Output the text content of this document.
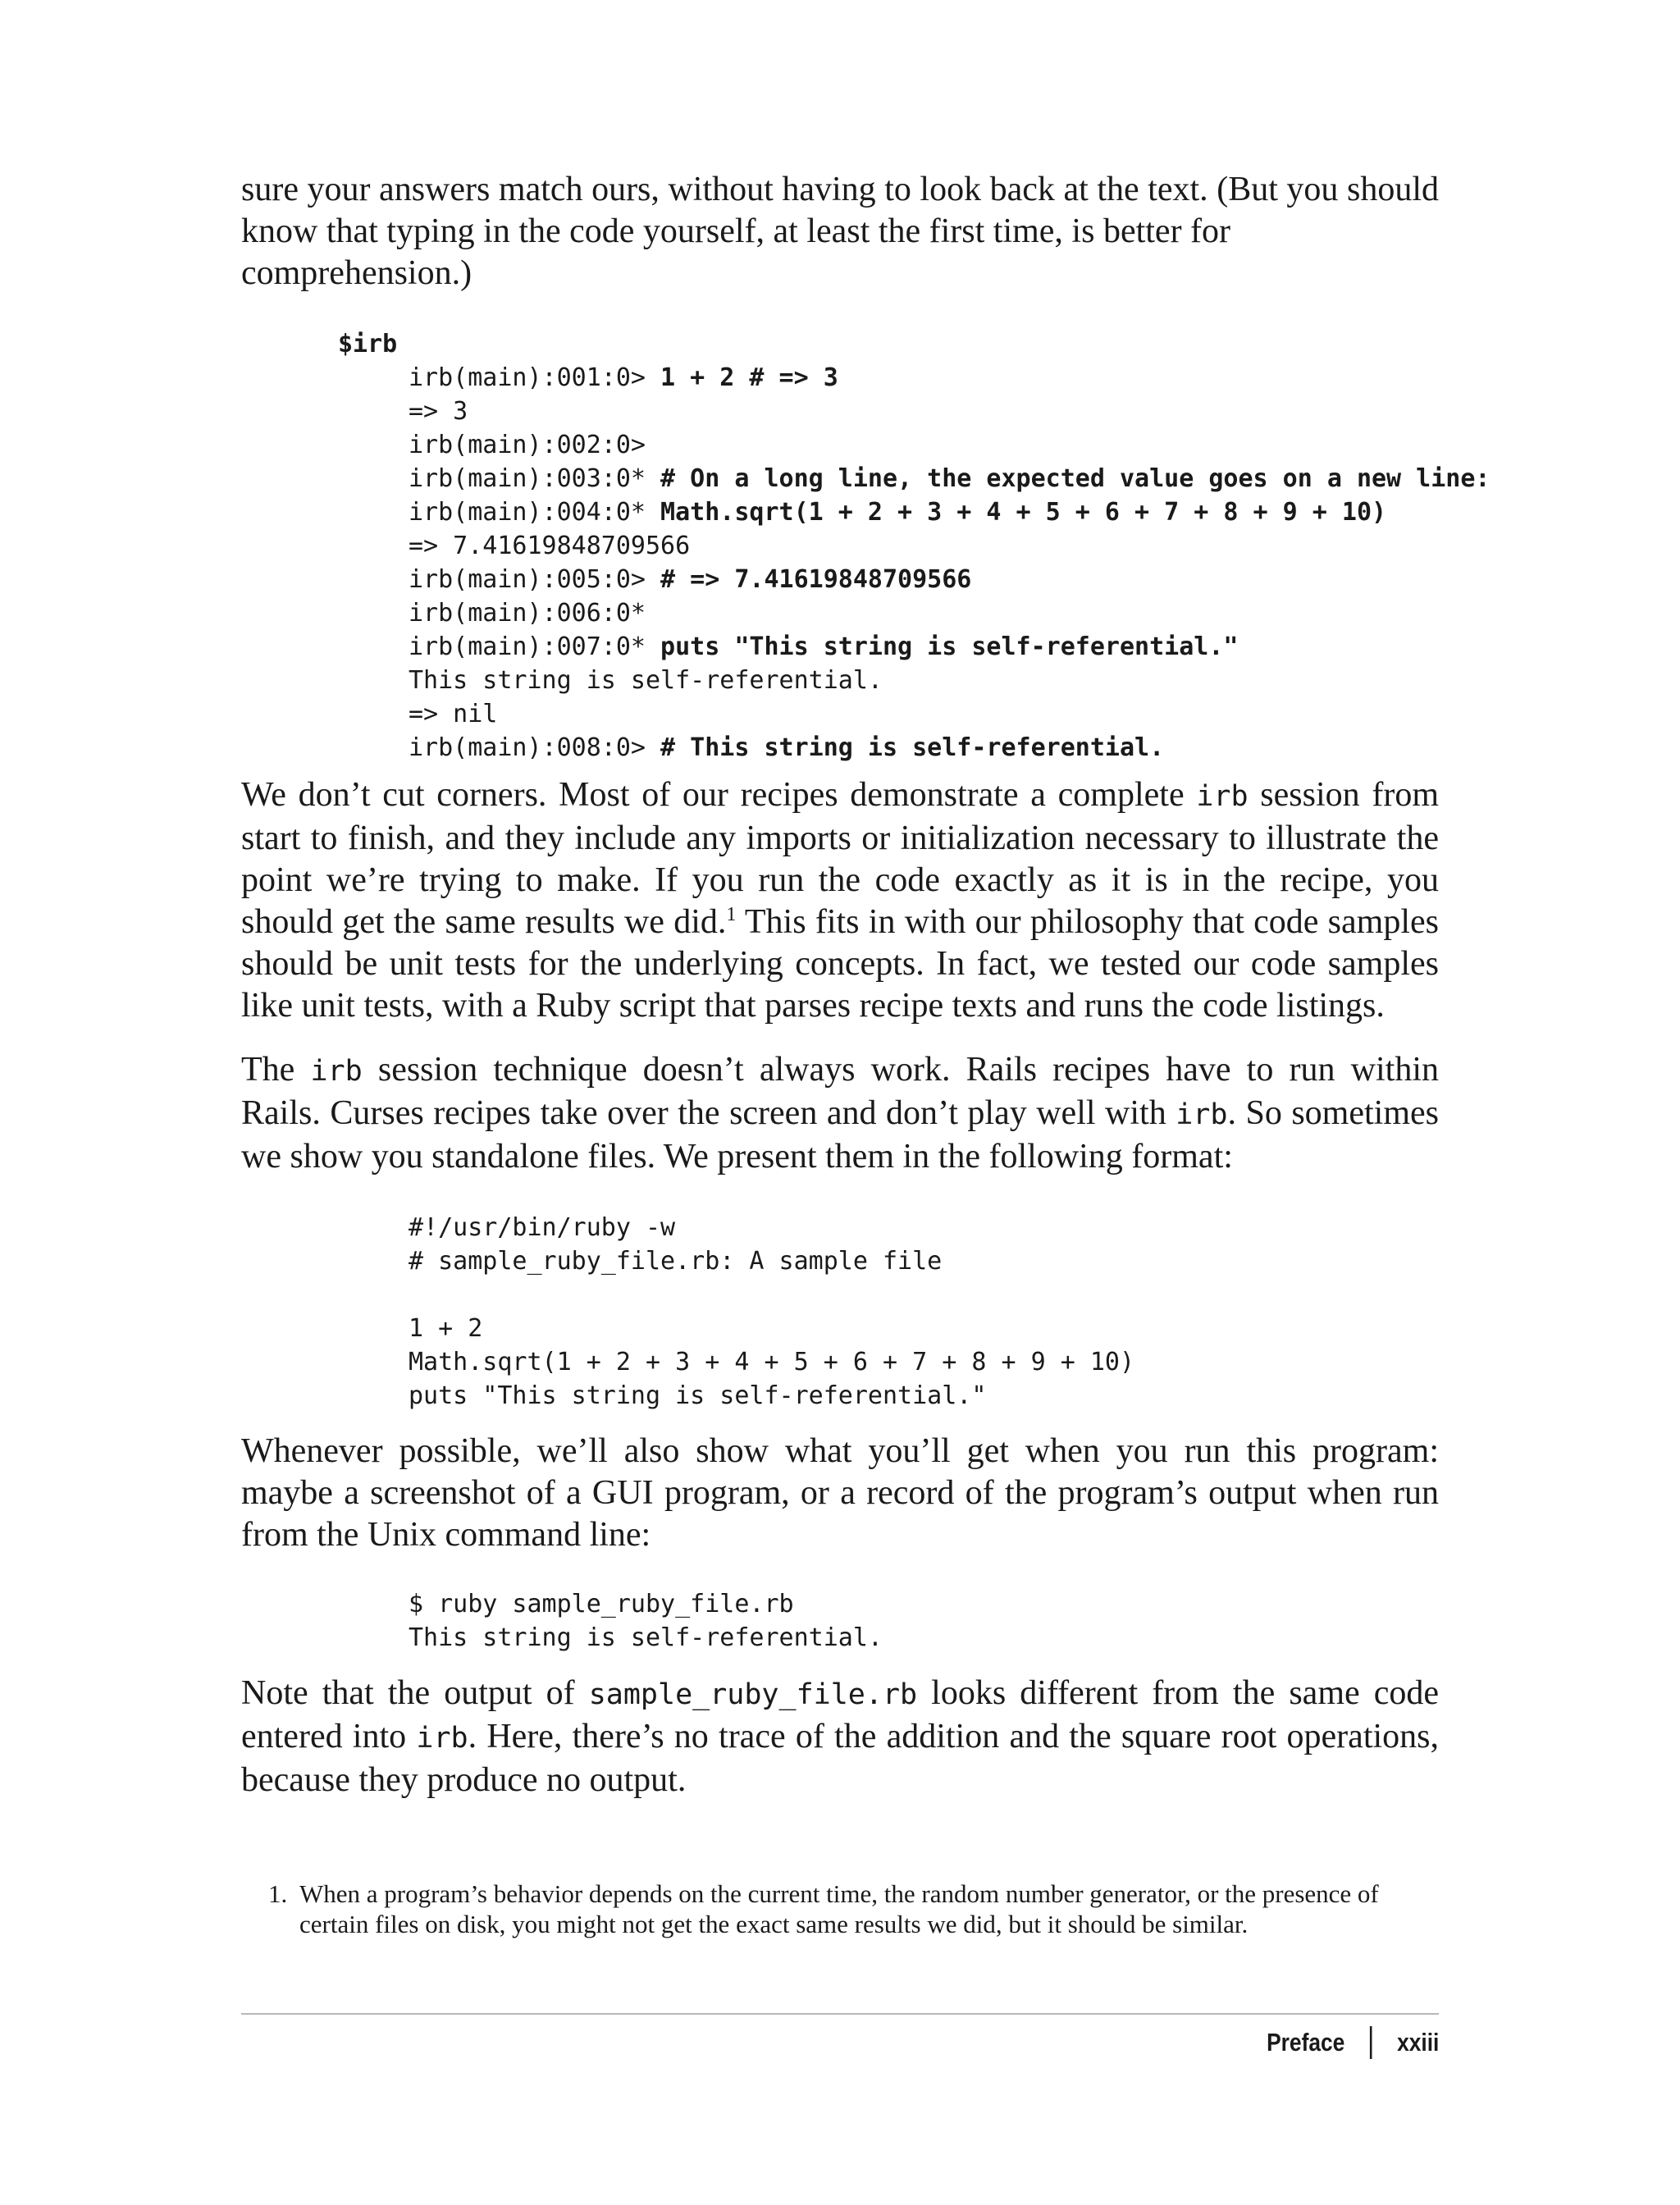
sure your answers match ours, without having to look back at the text. (But you should

know that typing in the code yourself, at least the first time, is better for comprehension.)

$irb
irb(main):001:0> 1 + 2 # => 3
=> 3
irb(main):002:0>
irb(main):003:0* # On a long line, the expected value goes on a new line:
irb(main):004:0* Math.sqrt(1 + 2 + 3 + 4 + 5 + 6 + 7 + 8 + 9 + 10)
=> 7.41619848709566
irb(main):005:0> # => 7.41619848709566
irb(main):006:0*
irb(main):007:0* puts "This string is self-referential."
This string is self-referential.
=> nil
irb(main):008:0> # This string is self-referential.

We don’t cut corners. Most of our recipes demonstrate a complete irb session from start to finish, and they include any imports or initialization necessary to illustrate the point we’re trying to make. If you run the code exactly as it is in the recipe, you should get the same results we did.$^1$ This fits in with our philosophy that code samples should be unit tests for the underlying concepts. In fact, we tested our code samples like unit tests, with a Ruby script that parses recipe texts and runs the code listings.

The irb session technique doesn’t always work. Rails recipes have to run within Rails. Curses recipes take over the screen and don’t play well with irb. So sometimes we show you standalone files. We present them in the following format:

#!/usr/bin/ruby -w
# sample_ruby_file.rb: A sample file
1 + 2
Math.sqrt(1 + 2 + 3 + 4 + 5 + 6 + 7 + 8 + 9 + 10)
puts "This string is self-referential."

Whenever possible, we’ll also show what you’ll get when you run this program: maybe a screenshot of a GUI program, or a record of the program’s output when run from the Unix command line:

$ ruby sample_ruby_file.rb
This string is self-referential.

Note that the output of sample_ruby_file.rb looks different from the same code entered into irb. Here, there’s no trace of the addition and the square root operations, because they produce no output.

1. When a program’s behavior depends on the current time, the random number generator, or the presence of certain files on disk, you might not get the exact same results we did, but it should be similar.
Preface xxiii
